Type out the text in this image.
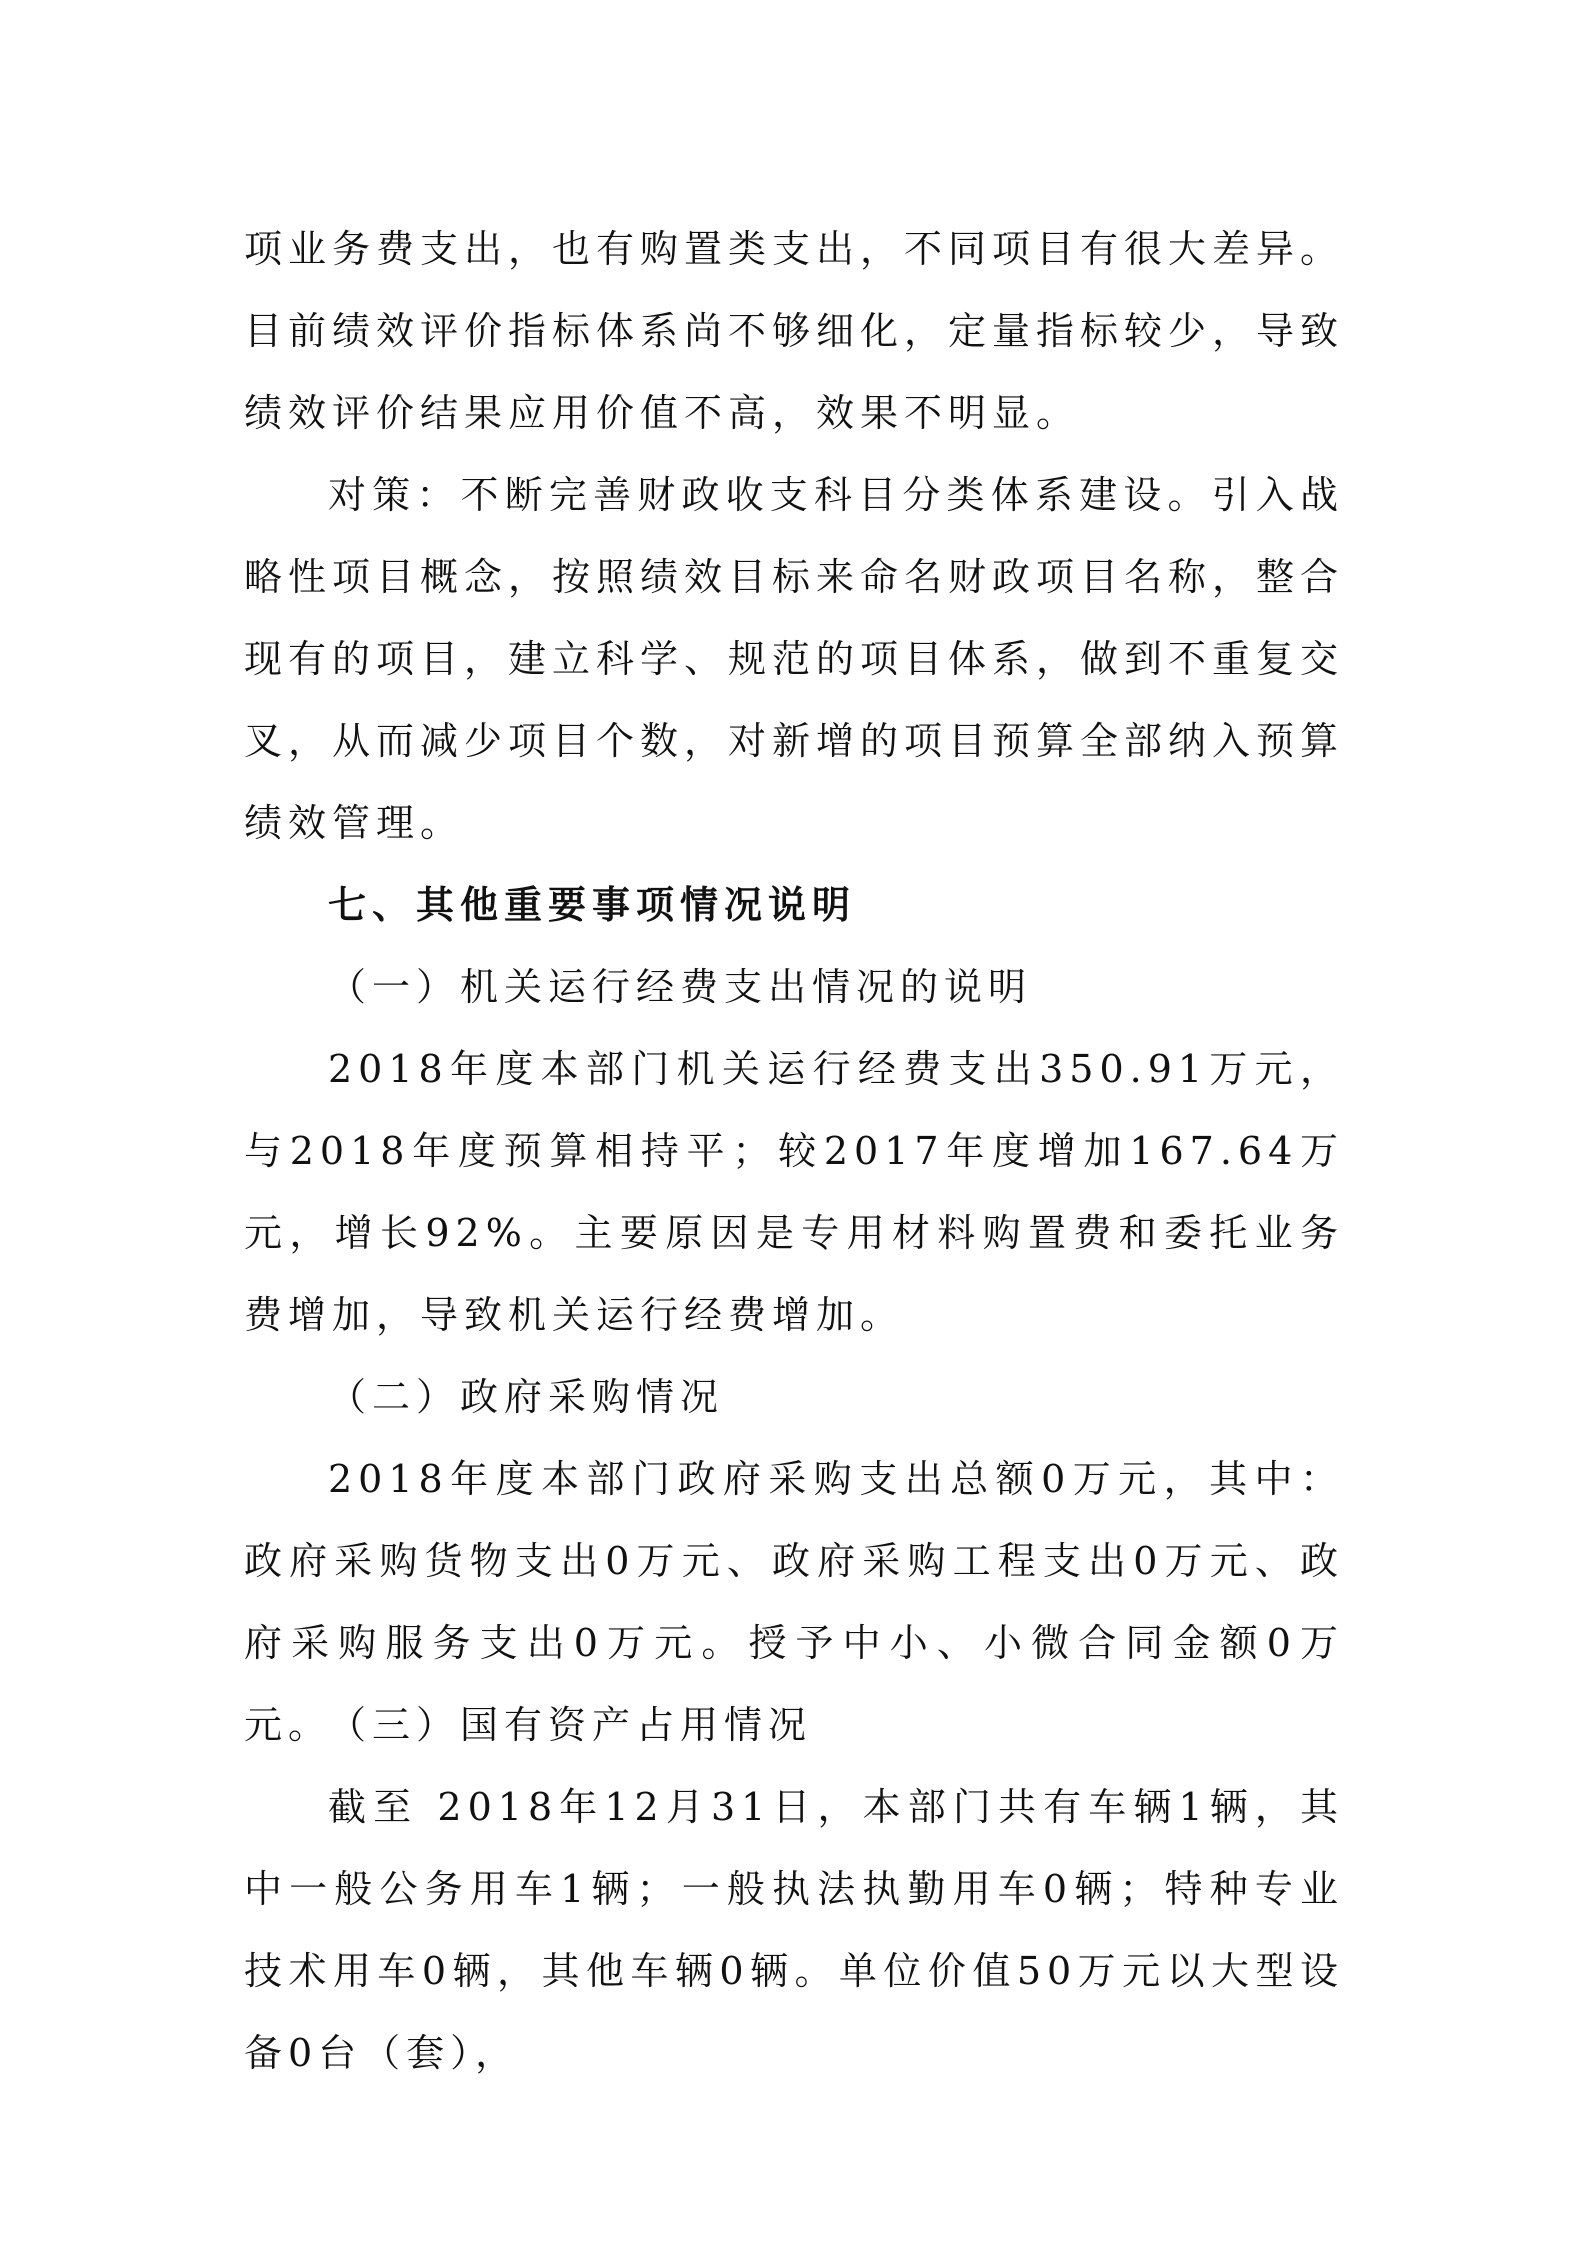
项业务费支出，也有购置类支出，不同项目有很大差异。目前绩效评价指标体系尚不够细化，定量指标较少，导致绩效评价结果应用价值不高，效果不明显。

对策：不断完善财政收支科目分类体系建设。引入战略性项目概念，按照绩效目标来命名财政项目名称，整合现有的项目，建立科学、规范的项目体系，做到不重复交叉，从而减少项目个数，对新增的项目预算全部纳入预算绩效管理。

七、其他重要事项情况说明

（一）机关运行经费支出情况的说明

2018年度本部门机关运行经费支出350.91万元，与2018年度预算相持平；较2017年度增加167.64万元，增长92%。主要原因是专用材料购置费和委托业务费增加，导致机关运行经费增加。

（二）政府采购情况

2018年度本部门政府采购支出总额0万元，其中：政府采购货物支出0万元、政府采购工程支出0万元、政府采购服务支出0万元。授予中小、小微合同金额0万元。

（三）国有资产占用情况

截至 2018年12月31日，本部门共有车辆1辆，其中一般公务用车1辆；一般执法执勤用车0辆；特种专业技术用车0辆，其他车辆0辆。单位价值50万元以大型设备0台（套），
